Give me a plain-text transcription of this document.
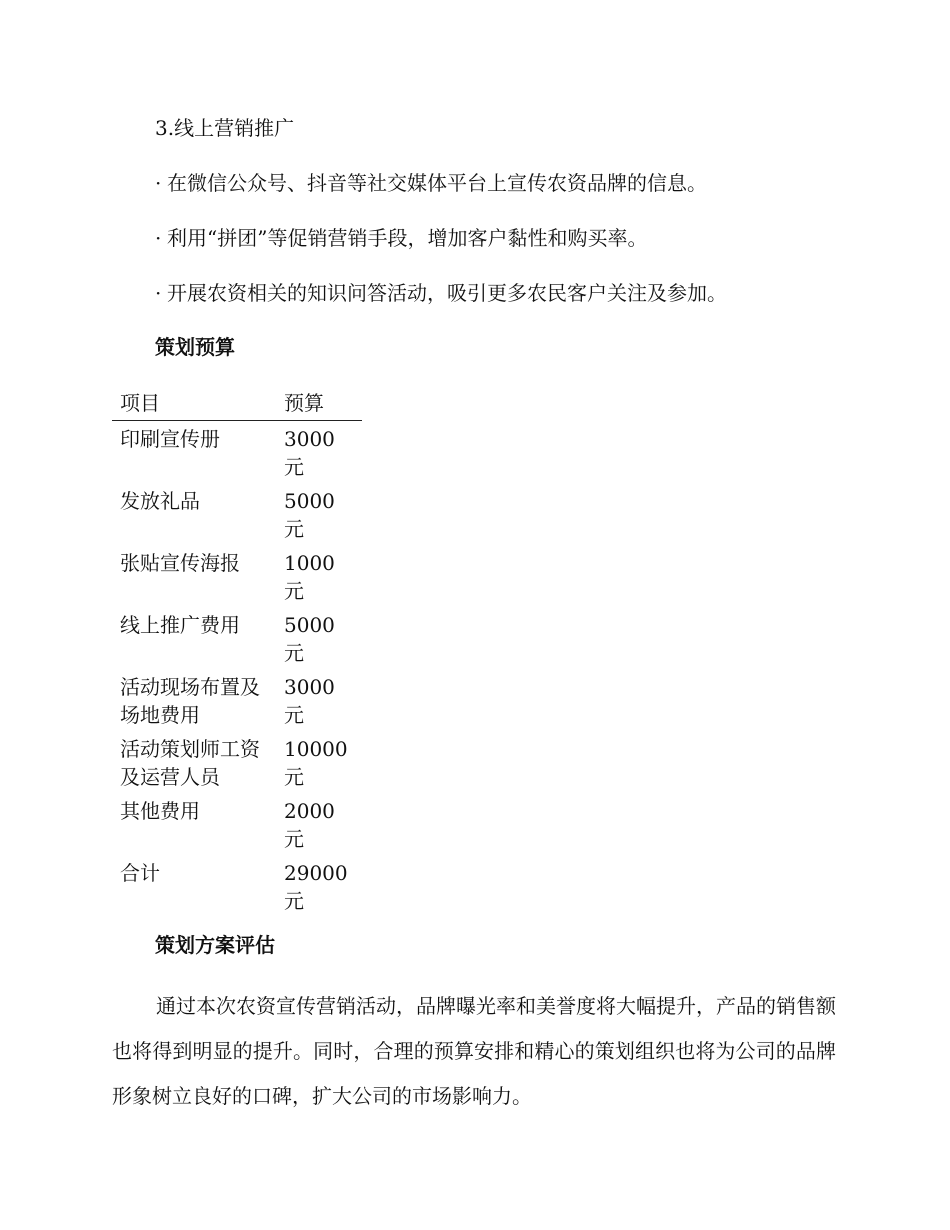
3.线上营销推广
· 在微信公众号、抖音等社交媒体平台上宣传农资品牌的信息。
· 利用“拼团”等促销营销手段，增加客户黏性和购买率。
· 开展农资相关的知识问答活动，吸引更多农民客户关注及参加。
策划预算
项目	预算

印刷宣传册	3000元

发放礼品	5000元

张贴宣传海报	1000元

线上推广费用	5000元

活动现场布置及场地费用	3000元

活动策划师工资及运营人员	10000元

其他费用	2000元

合计	29000元
策划方案评估
通过本次农资宣传营销活动，品牌曝光率和美誉度将大幅提升，产品的销售额也将得到明显的提升。同时，合理的预算安排和精心的策划组织也将为公司的品牌形象树立良好的口碑，扩大公司的市场影响力。
